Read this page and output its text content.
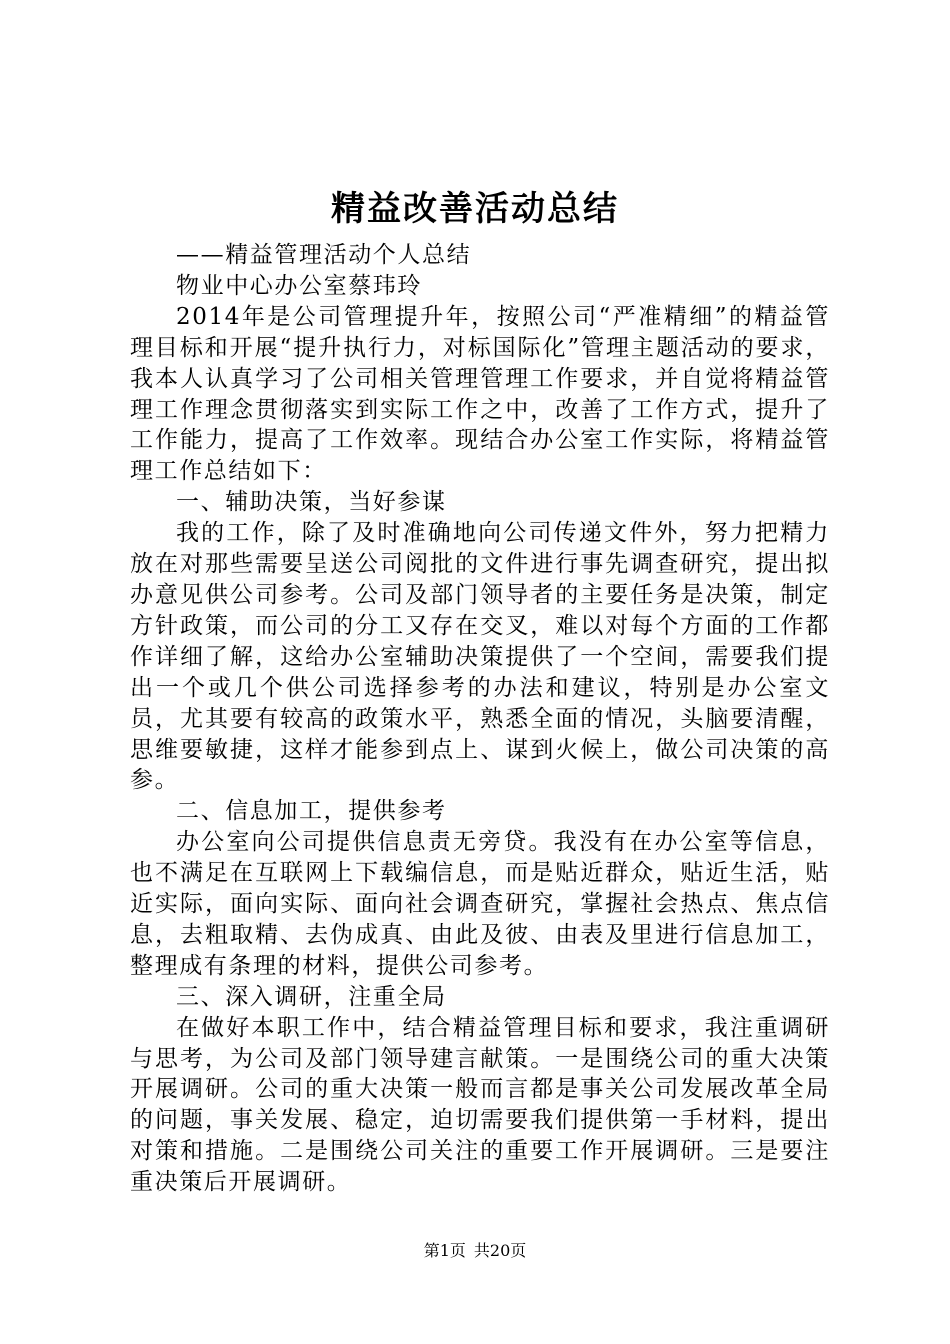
精益改善活动总结

——精益管理活动个人总结

物业中心办公室蔡玮玲

2014年是公司管理提升年，按照公司“严准精细”的精益管理目标和开展“提升执行力，对标国际化”管理主题活动的要求，我本人认真学习了公司相关管理管理工作要求，并自觉将精益管理工作理念贯彻落实到实际工作之中，改善了工作方式，提升了工作能力，提高了工作效率。现结合办公室工作实际，将精益管理工作总结如下：

一、辅助决策，当好参谋

我的工作，除了及时准确地向公司传递文件外，努力把精力放在对那些需要呈送公司阅批的文件进行事先调查研究，提出拟办意见供公司参考。公司及部门领导者的主要任务是决策，制定方针政策，而公司的分工又存在交叉，难以对每个方面的工作都作详细了解，这给办公室辅助决策提供了一个空间，需要我们提出一个或几个供公司选择参考的办法和建议，特别是办公室文员，尤其要有较高的政策水平，熟悉全面的情况，头脑要清醒，思维要敏捷，这样才能参到点上、谋到火候上，做公司决策的高参。

二、信息加工，提供参考

办公室向公司提供信息责无旁贷。我没有在办公室等信息，也不满足在互联网上下载编信息，而是贴近群众，贴近生活，贴近实际，面向实际、面向社会调查研究，掌握社会热点、焦点信息，去粗取精、去伪成真、由此及彼、由表及里进行信息加工，整理成有条理的材料，提供公司参考。

三、深入调研，注重全局

在做好本职工作中，结合精益管理目标和要求，我注重调研与思考，为公司及部门领导建言献策。一是围绕公司的重大决策开展调研。公司的重大决策一般而言都是事关公司发展改革全局的问题，事关发展、稳定，迫切需要我们提供第一手材料，提出对策和措施。二是围绕公司关注的重要工作开展调研。三是要注重决策后开展调研。

第1页 共20页
